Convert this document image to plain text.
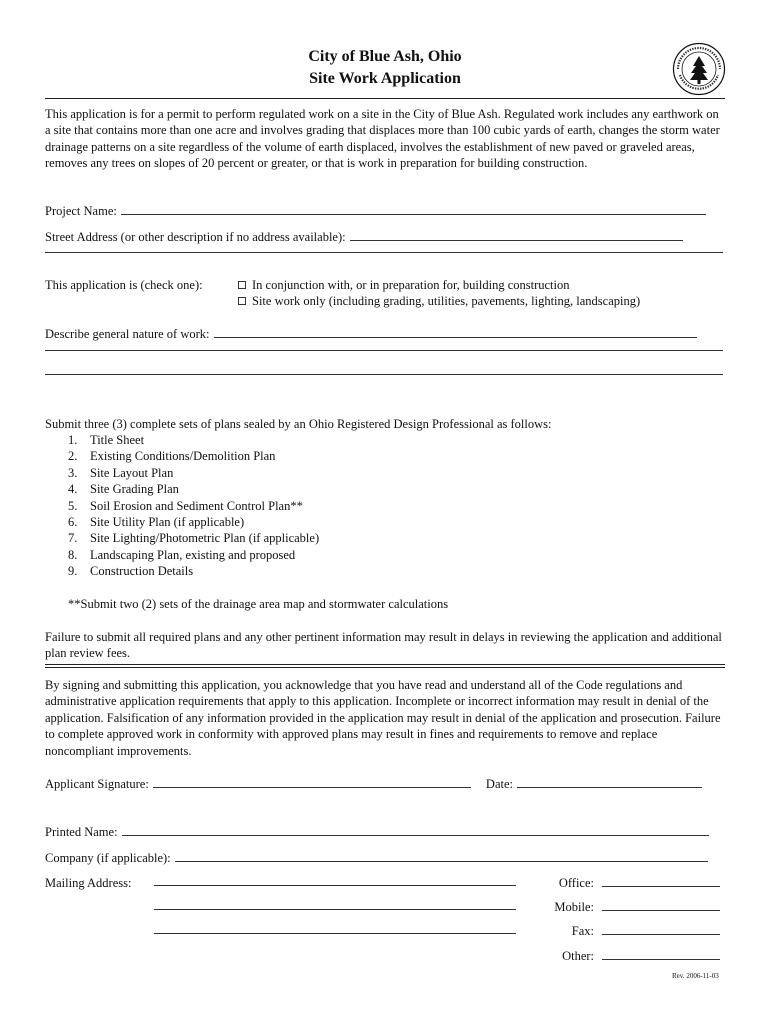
City of Blue Ash, Ohio
Site Work Application
This application is for a permit to perform regulated work on a site in the City of Blue Ash. Regulated work includes any earthwork on a site that contains more than one acre and involves grading that displaces more than 100 cubic yards of earth, changes the storm water drainage patterns on a site regardless of the volume of earth displaced, involves the establishment of new paved or graveled areas, removes any trees on slopes of 20 percent or greater, or that is work in preparation for building construction.
Project Name:
Street Address (or other description if no address available):
This application is (check one):	In conjunction with, or in preparation for, building construction
Site work only (including grading, utilities, pavements, lighting, landscaping)
Describe general nature of work:
Submit three (3) complete sets of plans sealed by an Ohio Registered Design Professional as follows:
1. Title Sheet
2. Existing Conditions/Demolition Plan
3. Site Layout Plan
4. Site Grading Plan
5. Soil Erosion and Sediment Control Plan**
6. Site Utility Plan (if applicable)
7. Site Lighting/Photometric Plan (if applicable)
8. Landscaping Plan, existing and proposed
9. Construction Details
**Submit two (2) sets of the drainage area map and stormwater calculations
Failure to submit all required plans and any other pertinent information may result in delays in reviewing the application and additional plan review fees.
By signing and submitting this application, you acknowledge that you have read and understand all of the Code regulations and administrative application requirements that apply to this application. Incomplete or incorrect information may result in denial of the application. Falsification of any information provided in the application may result in denial of the application and prosecution. Failure to complete approved work in conformity with approved plans may result in fines and requirements to remove and replace noncompliant improvements.
Applicant Signature:	Date:
Printed Name:
Company (if applicable):
Mailing Address:	Office:
Mobile:
Fax:
Other:
Rev. 2006-11-03
